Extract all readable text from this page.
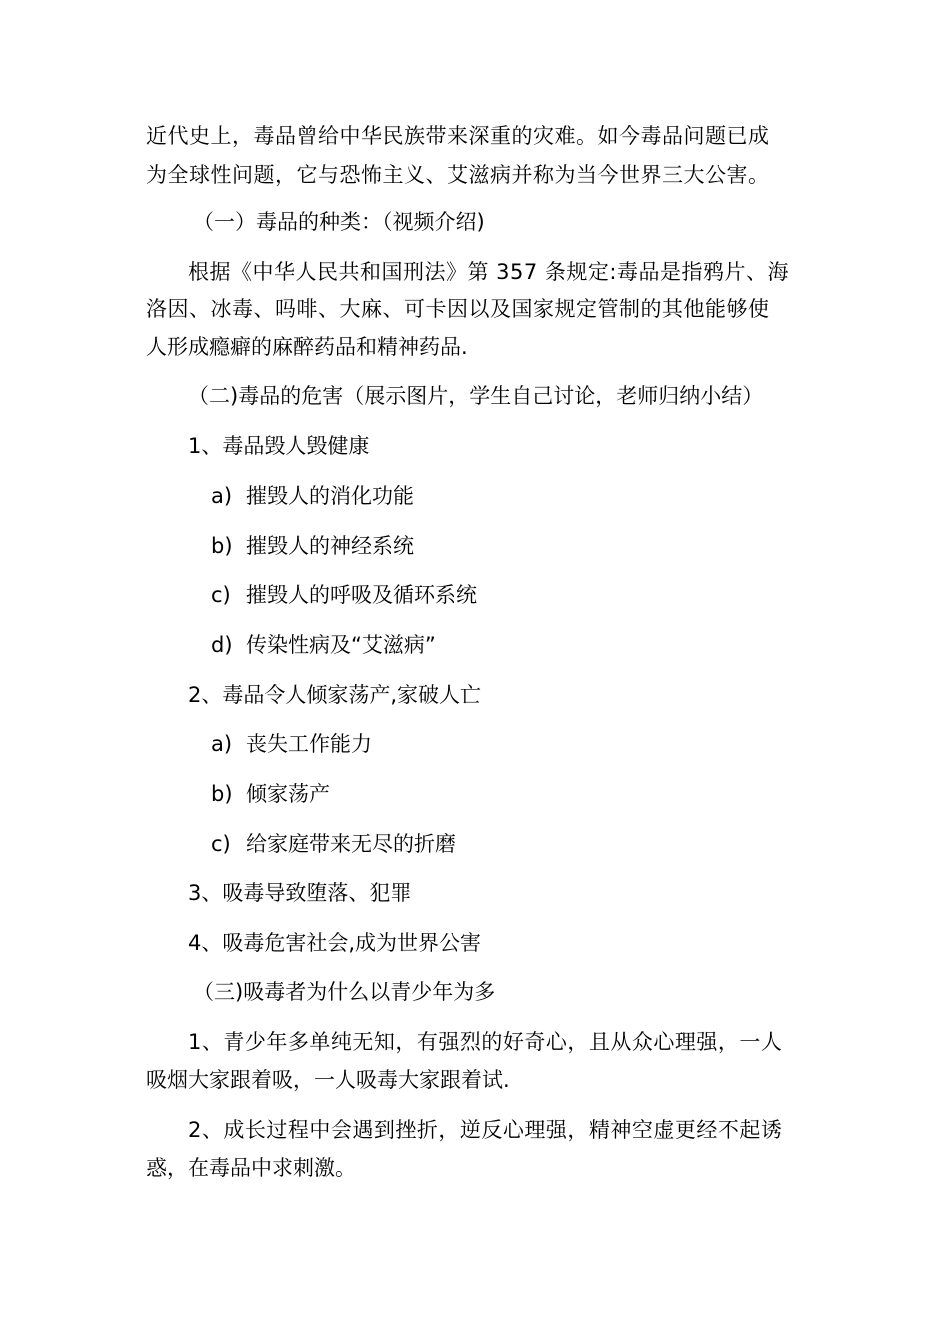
近代史上，毒品曾给中华民族带来深重的灾难。如今毒品问题已成

为全球性问题，它与恐怖主义、艾滋病并称为当今世界三大公害。

（一）毒品的种类：（视频介绍)

根据《中华人民共和国刑法》第 357 条规定:毒品是指鸦片、海

洛因、冰毒、吗啡、大麻、可卡因以及国家规定管制的其他能够使

人形成瘾癖的麻醉药品和精神药品.

（二)毒品的危害（展示图片，学生自己讨论，老师归纳小结）

1、毒品毁人毁健康

a) 摧毁人的消化功能
b) 摧毁人的神经系统
c) 摧毁人的呼吸及循环系统
d) 传染性病及“艾滋病”

2、毒品令人倾家荡产,家破人亡

a) 丧失工作能力
b) 倾家荡产
c) 给家庭带来无尽的折磨

3、吸毒导致堕落、犯罪

4、吸毒危害社会,成为世界公害

（三)吸毒者为什么以青少年为多

1、青少年多单纯无知，有强烈的好奇心，且从众心理强，一人

吸烟大家跟着吸，一人吸毒大家跟着试.

2、成长过程中会遇到挫折，逆反心理强，精神空虚更经不起诱

惑，在毒品中求刺激。
